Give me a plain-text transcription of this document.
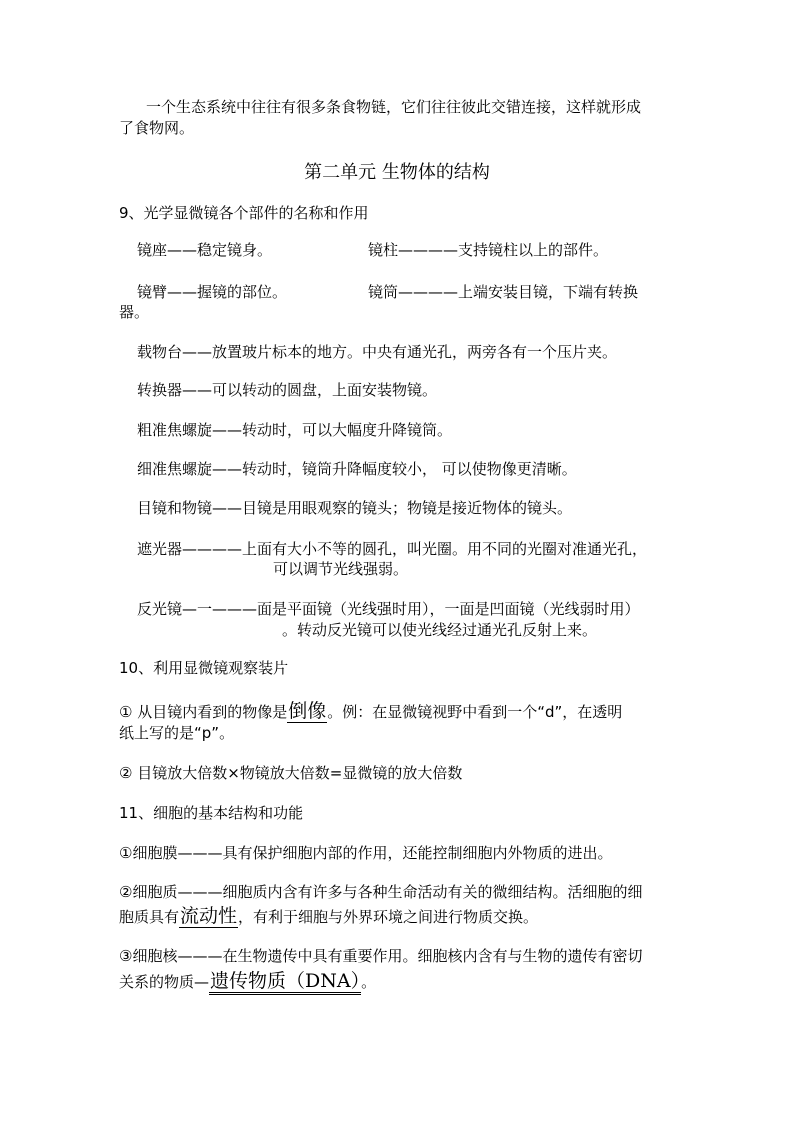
一个生态系统中往往有很多条食物链，它们往往彼此交错连接，这样就形成
了食物网。
第二单元 生物体的结构
9、光学显微镜各个部件的名称和作用
镜座——稳定镜身。	镜柱————支持镜柱以上的部件。
镜臂——握镜的部位。	镜筒————上端安装目镜，下端有转换
器。
载物台——放置玻片标本的地方。中央有通光孔，两旁各有一个压片夹。
转换器——可以转动的圆盘，上面安装物镜。
粗准焦螺旋——转动时，可以大幅度升降镜筒。
细准焦螺旋——转动时，镜筒升降幅度较小， 可以使物像更清晰。
目镜和物镜——目镜是用眼观察的镜头；物镜是接近物体的镜头。
遮光器————上面有大小不等的圆孔，叫光圈。用不同的光圈对准通光孔，
可以调节光线强弱。
反光镜—一———面是平面镜（光线强时用），一面是凹面镜（光线弱时用）
。转动反光镜可以使光线经过通光孔反射上来。
10、利用显微镜观察装片
① 从目镜内看到的物像是倒像。例：在显微镜视野中看到一个“d”，在透明
纸上写的是“p”。
② 目镜放大倍数×物镜放大倍数=显微镜的放大倍数
11、细胞的基本结构和功能
①细胞膜———具有保护细胞内部的作用，还能控制细胞内外物质的进出。
②细胞质———细胞质内含有许多与各种生命活动有关的微细结构。活细胞的细
胞质具有流动性，有利于细胞与外界环境之间进行物质交换。
③细胞核———在生物遗传中具有重要作用。细胞核内含有与生物的遗传有密切
关系的物质—遗传物质（DNA）。
